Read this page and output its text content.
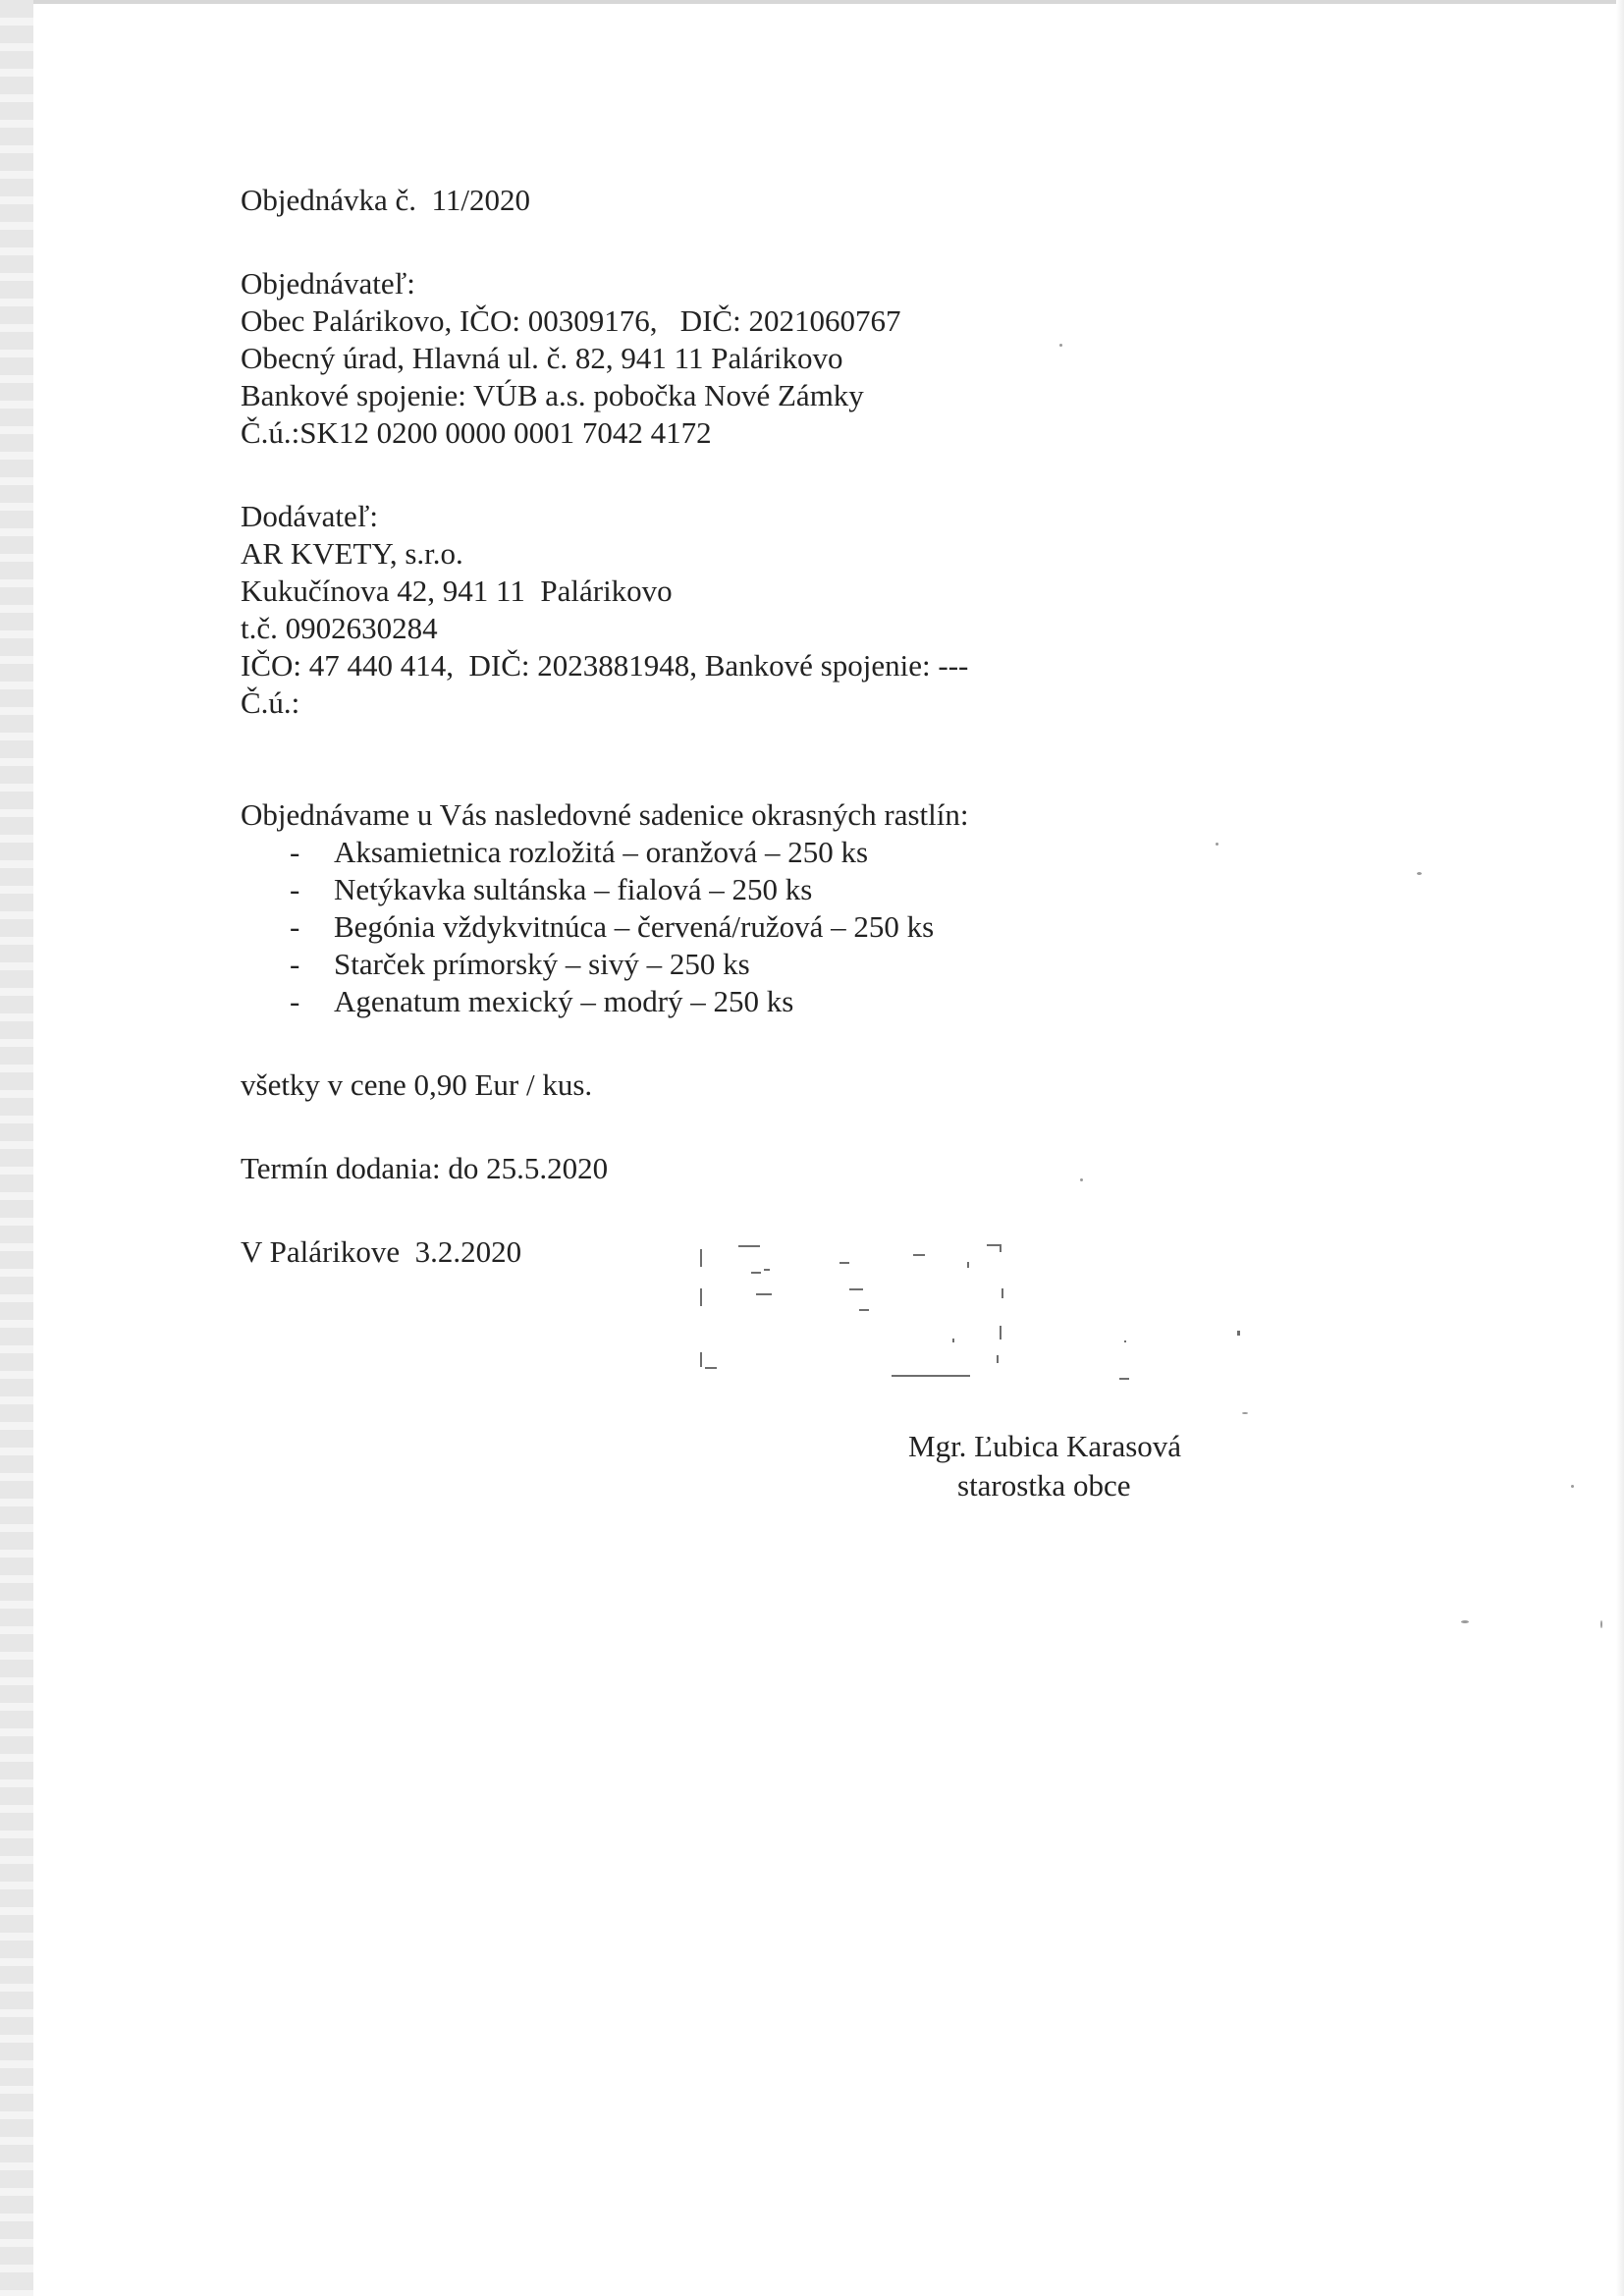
Objednávka č.  11/2020
Objednávateľ:
Obec Palárikovo, IČO: 00309176,   DIČ: 2021060767
Obecný úrad, Hlavná ul. č. 82, 941 11 Palárikovo
Bankové spojenie: VÚB a.s. pobočka Nové Zámky
Č.ú.:SK12 0200 0000 0001 7042 4172
Dodávateľ:
AR KVETY, s.r.o.
Kukučínova 42, 941 11  Palárikovo
t.č. 0902630284
IČO: 47 440 414,  DIČ: 2023881948, Bankové spojenie: ---
Č.ú.:
Objednávame u Vás nasledovné sadenice okrasných rastlín:
-	Aksamietnica rozložitá – oranžová – 250 ks
-	Netýkavka sultánska – fialová – 250 ks
-	Begónia vždykvitnúca – červená/ružová – 250 ks
-	Starček prímorský – sivý – 250 ks
-	Agenatum mexický – modrý – 250 ks
všetky v cene 0,90 Eur / kus.
Termín dodania: do 25.5.2020
V Palárikove  3.2.2020
Mgr. Ľubica Karasová
starostka obce
